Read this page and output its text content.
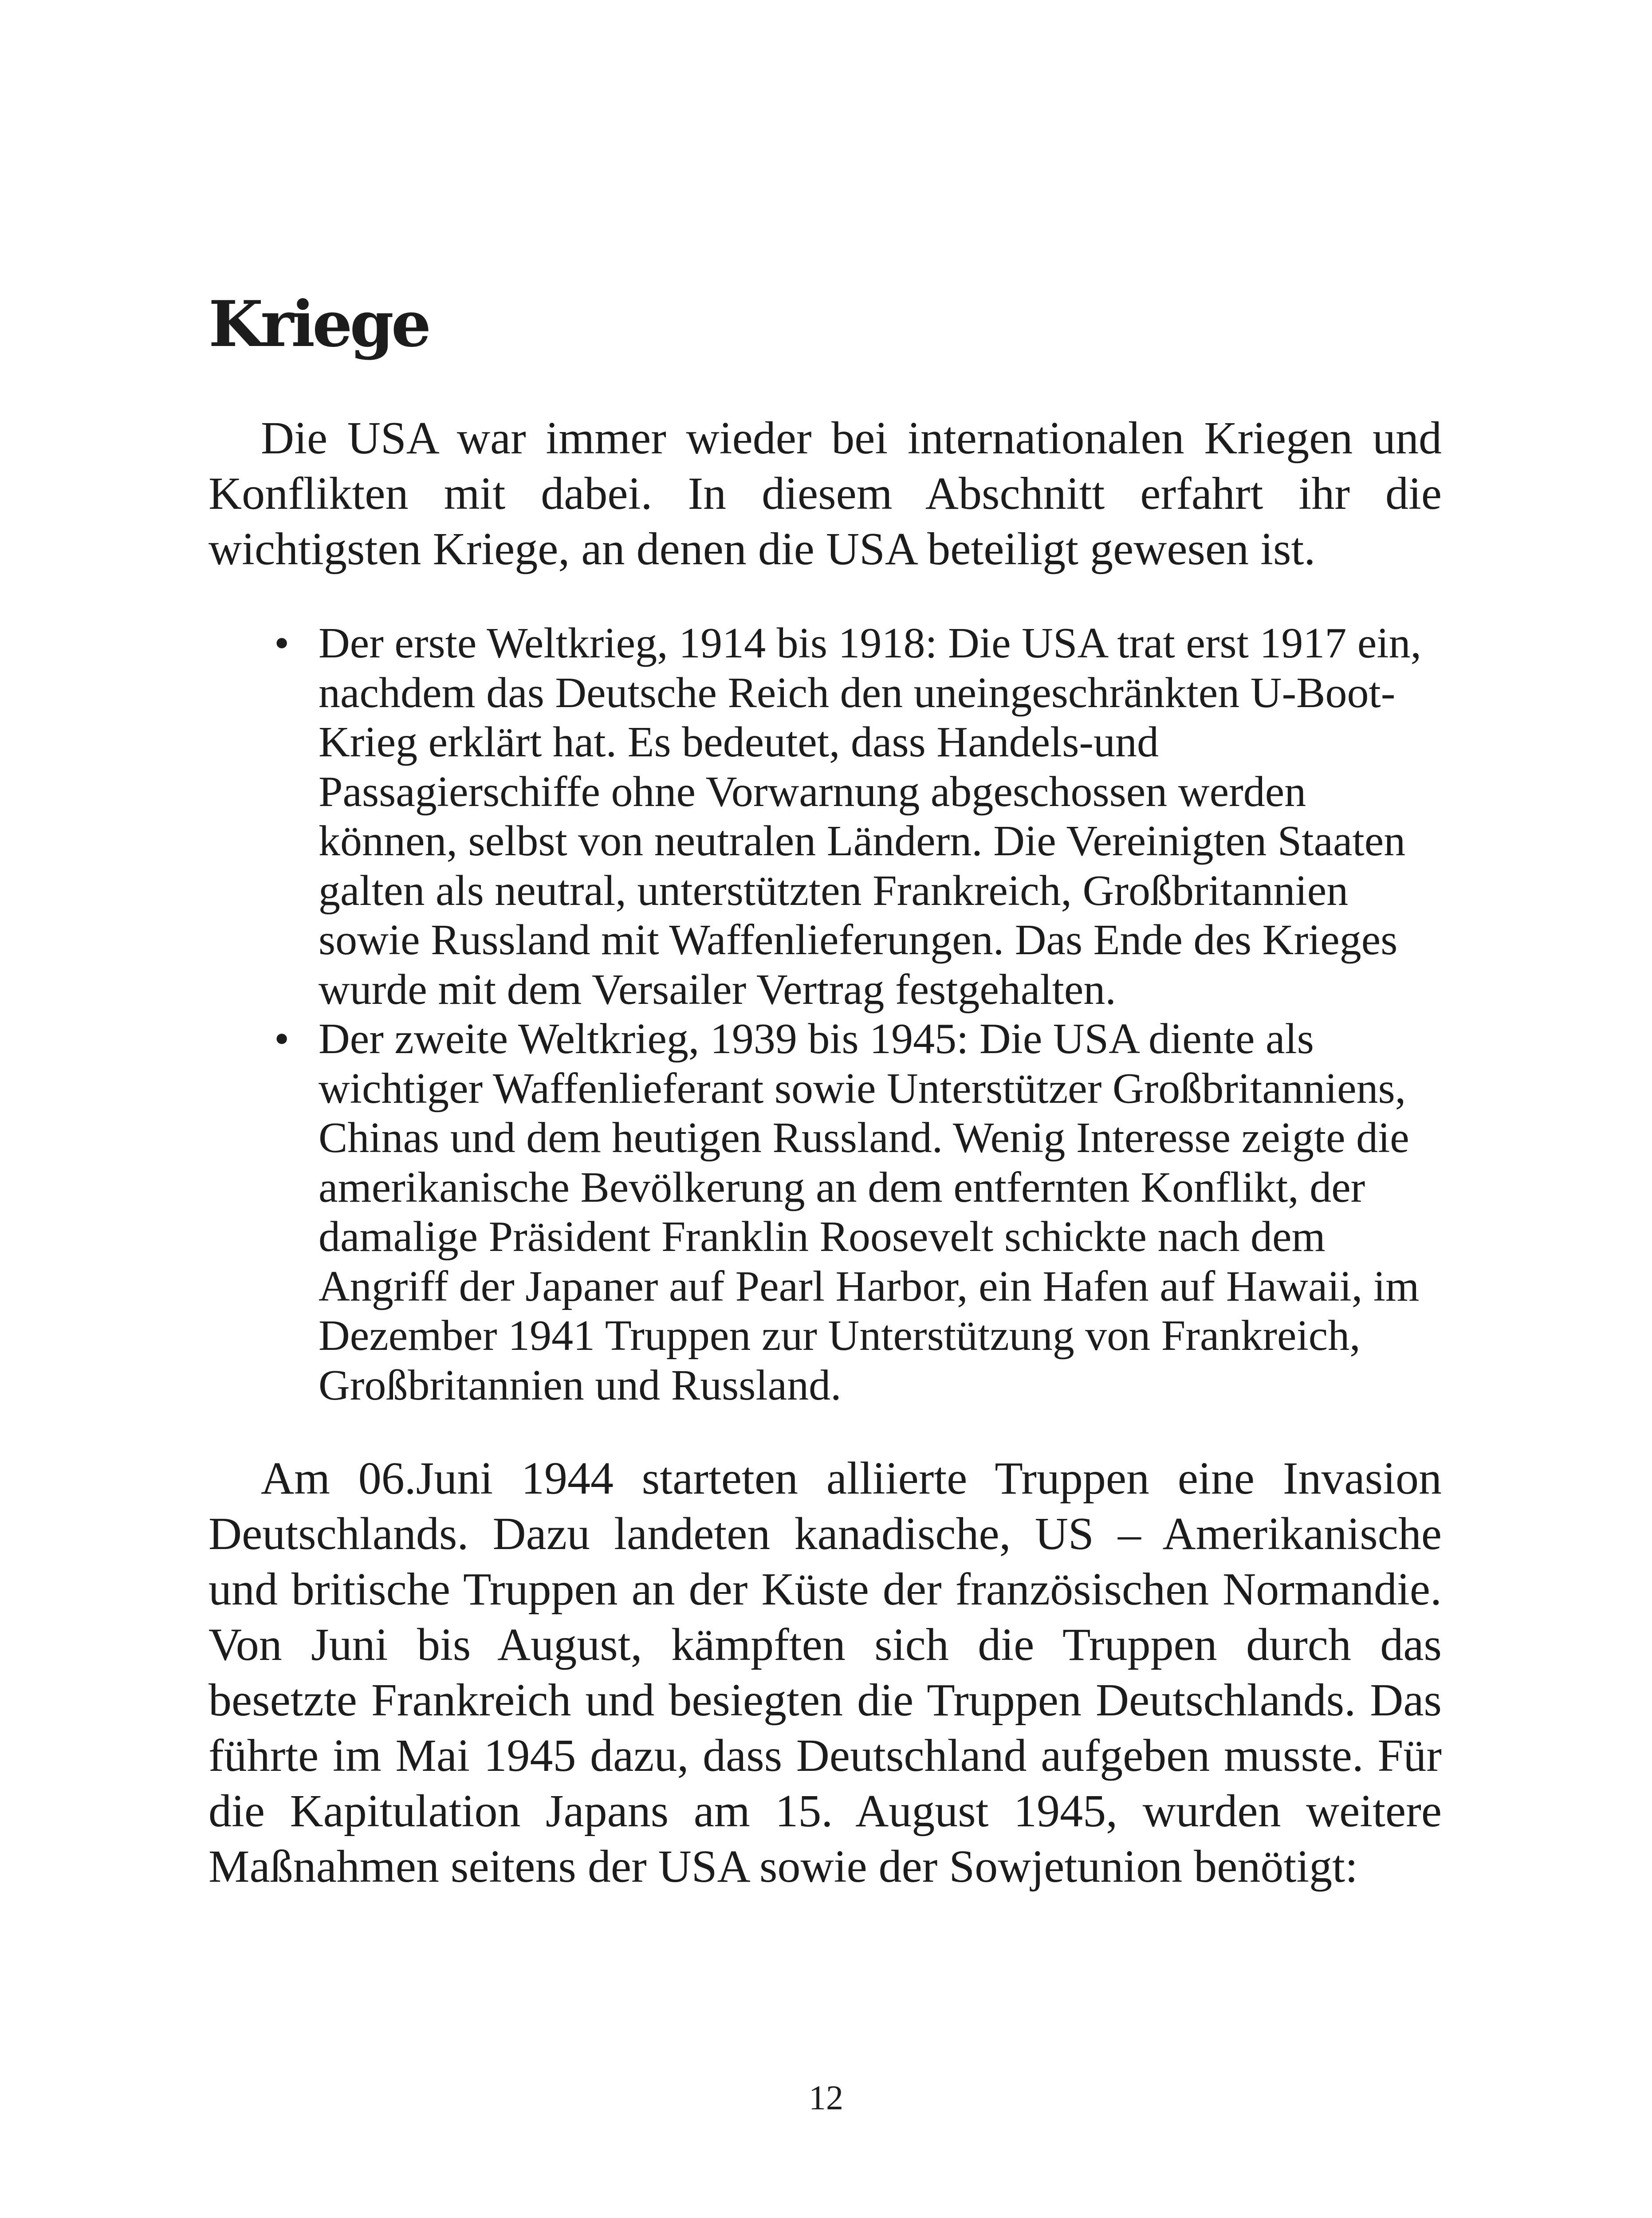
Kriege

Die USA war immer wieder bei internationalen Kriegen und Konflikten mit dabei. In diesem Abschnitt erfahrt ihr die wichtigsten Kriege, an denen die USA beteiligt gewesen ist.

• Der erste Weltkrieg, 1914 bis 1918: Die USA trat erst 1917 ein, nachdem das Deutsche Reich den uneingeschränkten U-Boot-Krieg erklärt hat. Es bedeutet, dass Handels-und Passagierschiffe ohne Vorwarnung abgeschossen werden können, selbst von neutralen Ländern. Die Vereinigten Staaten galten als neutral, unterstützten Frankreich, Großbritannien sowie Russland mit Waffenlieferungen. Das Ende des Krieges wurde mit dem Versailer Vertrag festgehalten.
• Der zweite Weltkrieg, 1939 bis 1945: Die USA diente als wichtiger Waffenlieferant sowie Unterstützer Großbritanniens, Chinas und dem heutigen Russland. Wenig Interesse zeigte die amerikanische Bevölkerung an dem entfernten Konflikt, der damalige Präsident Franklin Roosevelt schickte nach dem Angriff der Japaner auf Pearl Harbor, ein Hafen auf Hawaii, im Dezember 1941 Truppen zur Unterstützung von Frankreich, Großbritannien und Russland.

Am 06.Juni 1944 starteten alliierte Truppen eine Invasion Deutschlands. Dazu landeten kanadische, US – Amerikanische und britische Truppen an der Küste der französischen Normandie. Von Juni bis August, kämpften sich die Truppen durch das besetzte Frankreich und besiegten die Truppen Deutschlands. Das führte im Mai 1945 dazu, dass Deutschland aufgeben musste. Für die Kapitulation Japans am 15. August 1945, wurden weitere Maßnahmen seitens der USA sowie der Sowjetunion benötigt:

12
